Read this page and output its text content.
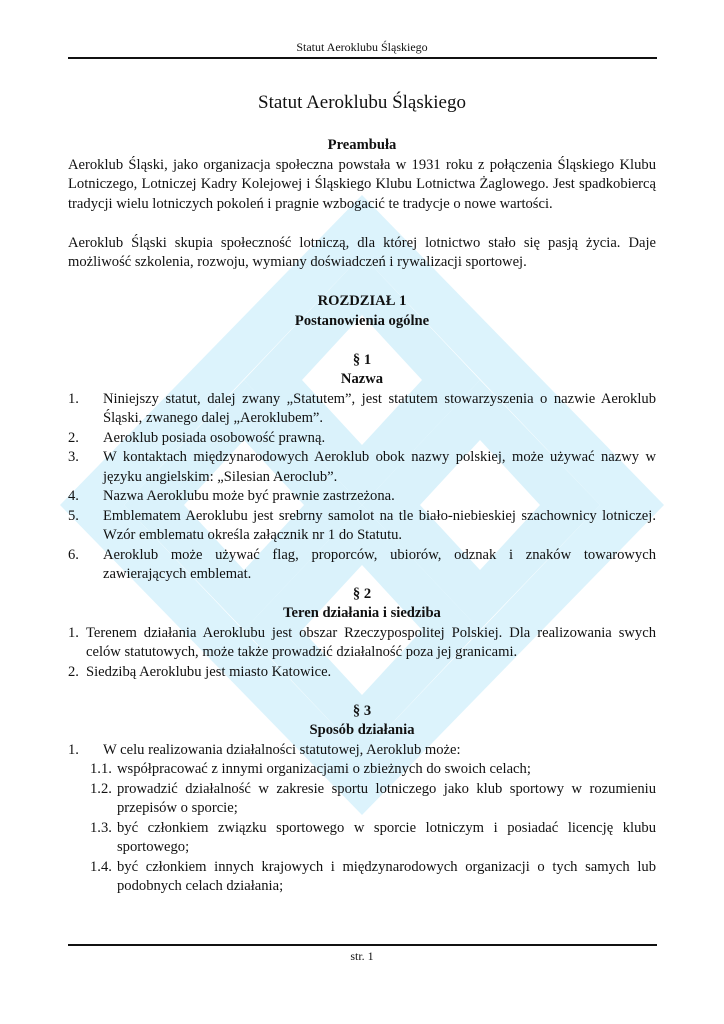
Statut Aeroklubu Śląskiego
Statut Aeroklubu Śląskiego
Preambuła

Aeroklub Śląski, jako organizacja społeczna powstała w 1931 roku z połączenia Śląskiego Klubu Lotniczego, Lotniczej Kadry Kolejowej i Śląskiego Klubu Lotnictwa Żaglowego. Jest spadkobiercą tradycji wielu lotniczych pokoleń i pragnie wzbogacić te tradycje o nowe wartości.

Aeroklub Śląski skupia społeczność lotniczą, dla której lotnictwo stało się pasją życia. Daje możliwość szkolenia, rozwoju, wymiany doświadczeń i rywalizacji sportowej.

ROZDZIAŁ 1
Postanowienia ogólne
§ 1
Nazwa
1. Niniejszy statut, dalej zwany „Statutem”, jest statutem stowarzyszenia o nazwie Aeroklub Śląski, zwanego dalej „Aeroklubem”.
2. Aeroklub posiada osobowość prawną.
3. W kontaktach międzynarodowych Aeroklub obok nazwy polskiej, może używać nazwy w języku angielskim: „Silesian Aeroclub”.
4. Nazwa Aeroklubu może być prawnie zastrzeżona.
5. Emblematem Aeroklubu jest srebrny samolot na tle biało-niebieskiej szachownicy lotniczej. Wzór emblematu określa załącznik nr 1 do Statutu.
6. Aeroklub może używać flag, proporców, ubiorów, odznak i znaków towarowych zawierających emblemat.
§ 2
Teren działania i siedziba
1. Terenem działania Aeroklubu jest obszar Rzeczypospolitej Polskiej. Dla realizowania swych celów statutowych, może także prowadzić działalność poza jej granicami.
2. Siedzibą Aeroklubu jest miasto Katowice.
§ 3
Sposób działania
1. W celu realizowania działalności statutowej, Aeroklub może:
1.1. współpracować z innymi organizacjami o zbieżnych do swoich celach;
1.2. prowadzić działalność w zakresie sportu lotniczego jako klub sportowy w rozumieniu przepisów o sporcie;
1.3. być członkiem związku sportowego w sporcie lotniczym i posiadać licencję klubu sportowego;
1.4. być członkiem innych krajowych i międzynarodowych organizacji o tych samych lub podobnych celach działania;
str. 1
